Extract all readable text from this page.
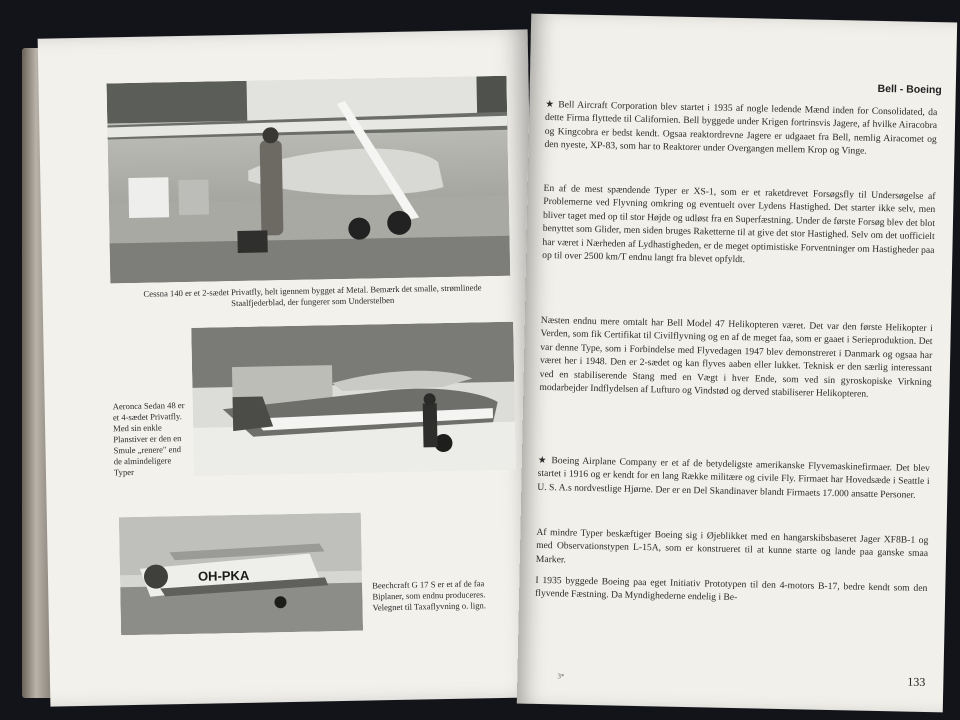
Cessna 140 er et 2-sædet Privatfly, helt igennem bygget af Metal. Bemærk det smalle, strømlinede Staalfjederblad, der fungerer som Understelben
Aeronca Sedan 48 er et 4-sædet Privatfly. Med sin enkle Planstiver er den en Smule „renere" end de almindeligere Typer
OH-PKA
Beechcraft G 17 S er et af de faa Biplaner, som endnu produceres. Velegnet til Taxaflyvning o. lign.
Bell - Boeing
★ Bell Aircraft Corporation blev startet i 1935 af nogle ledende Mænd inden for Consolidated, da dette Firma flyttede til Californien. Bell byggede under Krigen fortrinsvis Jagere, af hvilke Airacobra og Kingcobra er bedst kendt. Ogsaa reaktordrevne Jagere er udgaaet fra Bell, nemlig Airacomet og den nyeste, XP-83, som har to Reaktorer under Overgangen mellem Krop og Vinge.
En af de mest spændende Typer er XS-1, som er et raketdrevet Forsøgsfly til Undersøgelse af Problemerne ved Flyvning omkring og eventuelt over Lydens Hastighed. Det starter ikke selv, men bliver taget med op til stor Højde og udløst fra en Superfæstning. Under de første Forsøg blev det blot benyttet som Glider, men siden bruges Raketterne til at give det stor Hastighed. Selv om det uofficielt har været i Nærheden af Lydhastigheden, er de meget optimistiske Forventninger om Hastigheder paa op til over 2500 km/T endnu langt fra blevet opfyldt.
Næsten endnu mere omtalt har Bell Model 47 Helikopteren været. Det var den første Helikopter i Verden, som fik Certifikat til Civilflyvning og en af de meget faa, som er gaaet i Serieproduktion. Det var denne Type, som i Forbindelse med Flyvedagen 1947 blev demonstreret i Danmark og ogsaa har været her i 1948. Den er 2-sædet og kan flyves aaben eller lukket. Teknisk er den særlig interessant ved en stabiliserende Stang med en Vægt i hver Ende, som ved sin gyroskopiske Virkning modarbejder Indflydelsen af Lufturo og Vindstød og derved stabiliserer Helikopteren.
★ Boeing Airplane Company er et af de betydeligste amerikanske Flyvemaskinefirmaer. Det blev startet i 1916 og er kendt for en lang Række militære og civile Fly. Firmaet har Hovedsæde i Seattle i U. S. A.s nordvestlige Hjørne. Der er en Del Skandinaver blandt Firmaets 17.000 ansatte Personer.
Af mindre Typer beskæftiger Boeing sig i Øjeblikket med en hangarskibsbaseret Jager XF8B-1 og med Observationstypen L-15A, som er konstrueret til at kunne starte og lande paa ganske smaa Marker.
I 1935 byggede Boeing paa eget Initiativ Prototypen til den 4-motors B-17, bedre kendt som den flyvende Fæstning. Da Myndighederne endelig i Be-
133
3*
